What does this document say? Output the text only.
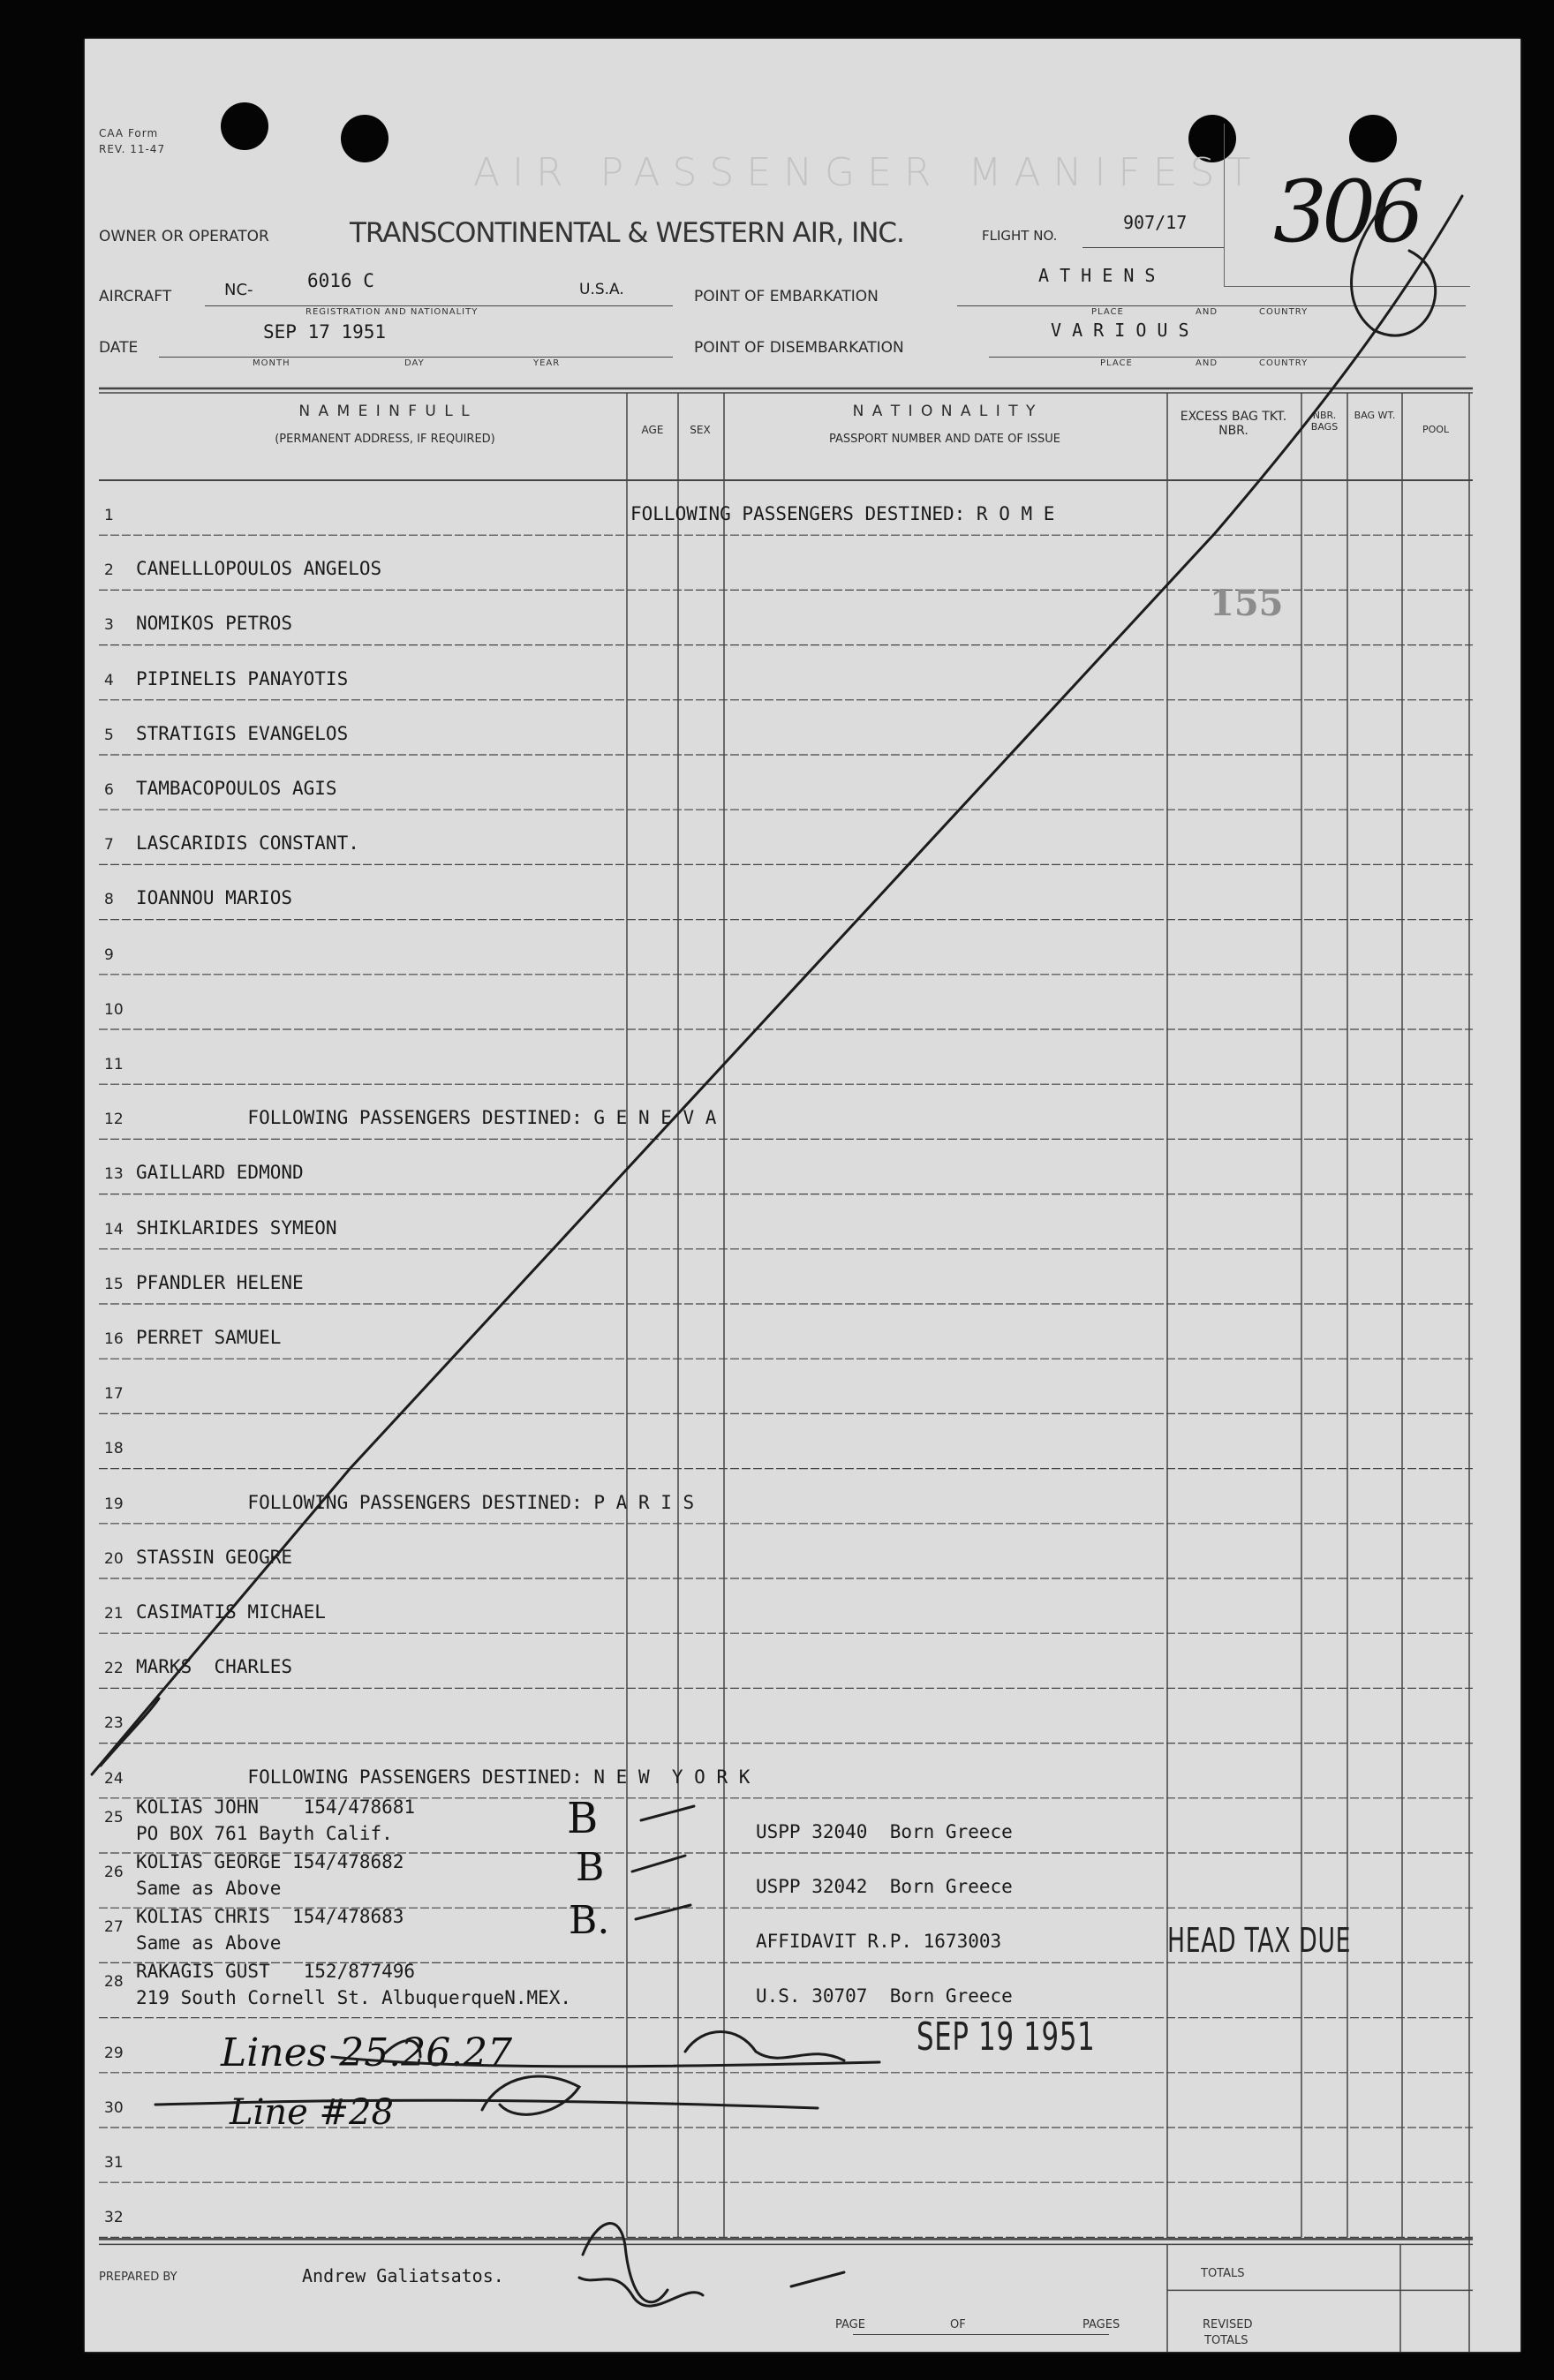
CAA Form
REV. 11-47
AIR PASSENGER MANIFEST 306
OWNER OR OPERATOR	TRANSCONTINENTAL & WESTERN AIR, INC.	FLIGHT NO.
907/17
AIRCRAFT	NC-	6016 C	U.S.A.
REGISTRATION AND NATIONALITY
POINT OF EMBARKATION
A T H E N S
PLACE	AND	COUNTRY
DATE
SEP 17 1951
MONTH	DAY	YEAR
POINT OF DISEMBARKATION
V A R I O U S
PLACE	AND	COUNTRY
N A M E I N F U L L
(PERMANENT ADDRESS, IF REQUIRED)
AGE	SEX
N A T I O N A L I T Y
PASSPORT NUMBER AND DATE OF ISSUE
EXCESS BAG TKT. NBR.
NBR. BAGS
BAG WT.
POOL
1	FOLLOWING PASSENGERS DESTINED: R O M E
2	CANELLLOPOULOS ANGELOS
3	NOMIKOS PETROS
4	PIPINELIS PANAYOTIS
5	STRATIGIS EVANGELOS
6	TAMBACOPOULOS AGIS
7	LASCARIDIS CONSTANT.
8	IOANNOU MARIOS
9
10
11
12 FOLLOWING PASSENGERS DESTINED: G E N E V A
13 GAILLARD EDMOND
14 SHIKLARIDES SYMEON
15 PFANDLER HELENE
16 PERRET SAMUEL
17
18
19 FOLLOWING PASSENGERS DESTINED: P A R I S
20 STASSIN GEOGRE
21 CASIMATIS MICHAEL
22 MARKS  CHARLES
23
24 FOLLOWING PASSENGERS DESTINED: N E W  Y O R K
25 KOLIAS JOHN    154/478681
PO BOX 761 Bayth Calif.	USPP 32040  Born Greece
26 KOLIAS GEORGE 154/478682
Same as Above	USPP 32042  Born Greece
27 KOLIAS CHRIS  154/478683
Same as Above	AFFIDAVIT R.P. 1673003
28 RAKAGIS GUST   152/877496
219 South Cornell St. AlbuquerqueN.MEX.	U.S. 30707  Born Greece
29
30
31
32
155
B
B
B.	HEAD TAX DUE
SEP 19 1951
Lines 25.26.27
Line #28
PREPARED BY	Andrew Galiatsatos.
OF	PAGES
PAGE
TOTALS
REVISED
TOTALS
